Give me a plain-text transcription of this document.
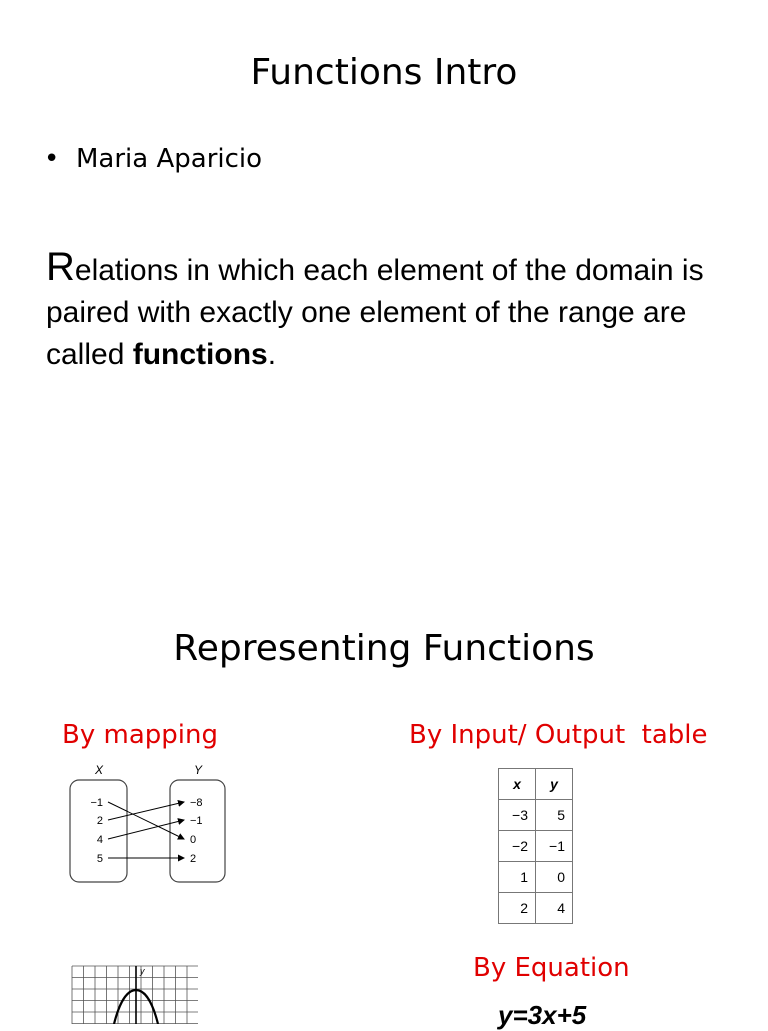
Functions Intro
• Maria Aparicio

Relations in which each element of the domain is paired with exactly one element of the range are called functions.

Representing Functions
By mapping	By Input/ Output  table
X	Y
−1
2
4
5
−8
−1
0
2
x	y
−3	5
−2	−1
1	0
2	4
y	By Equation
y=3x+5
